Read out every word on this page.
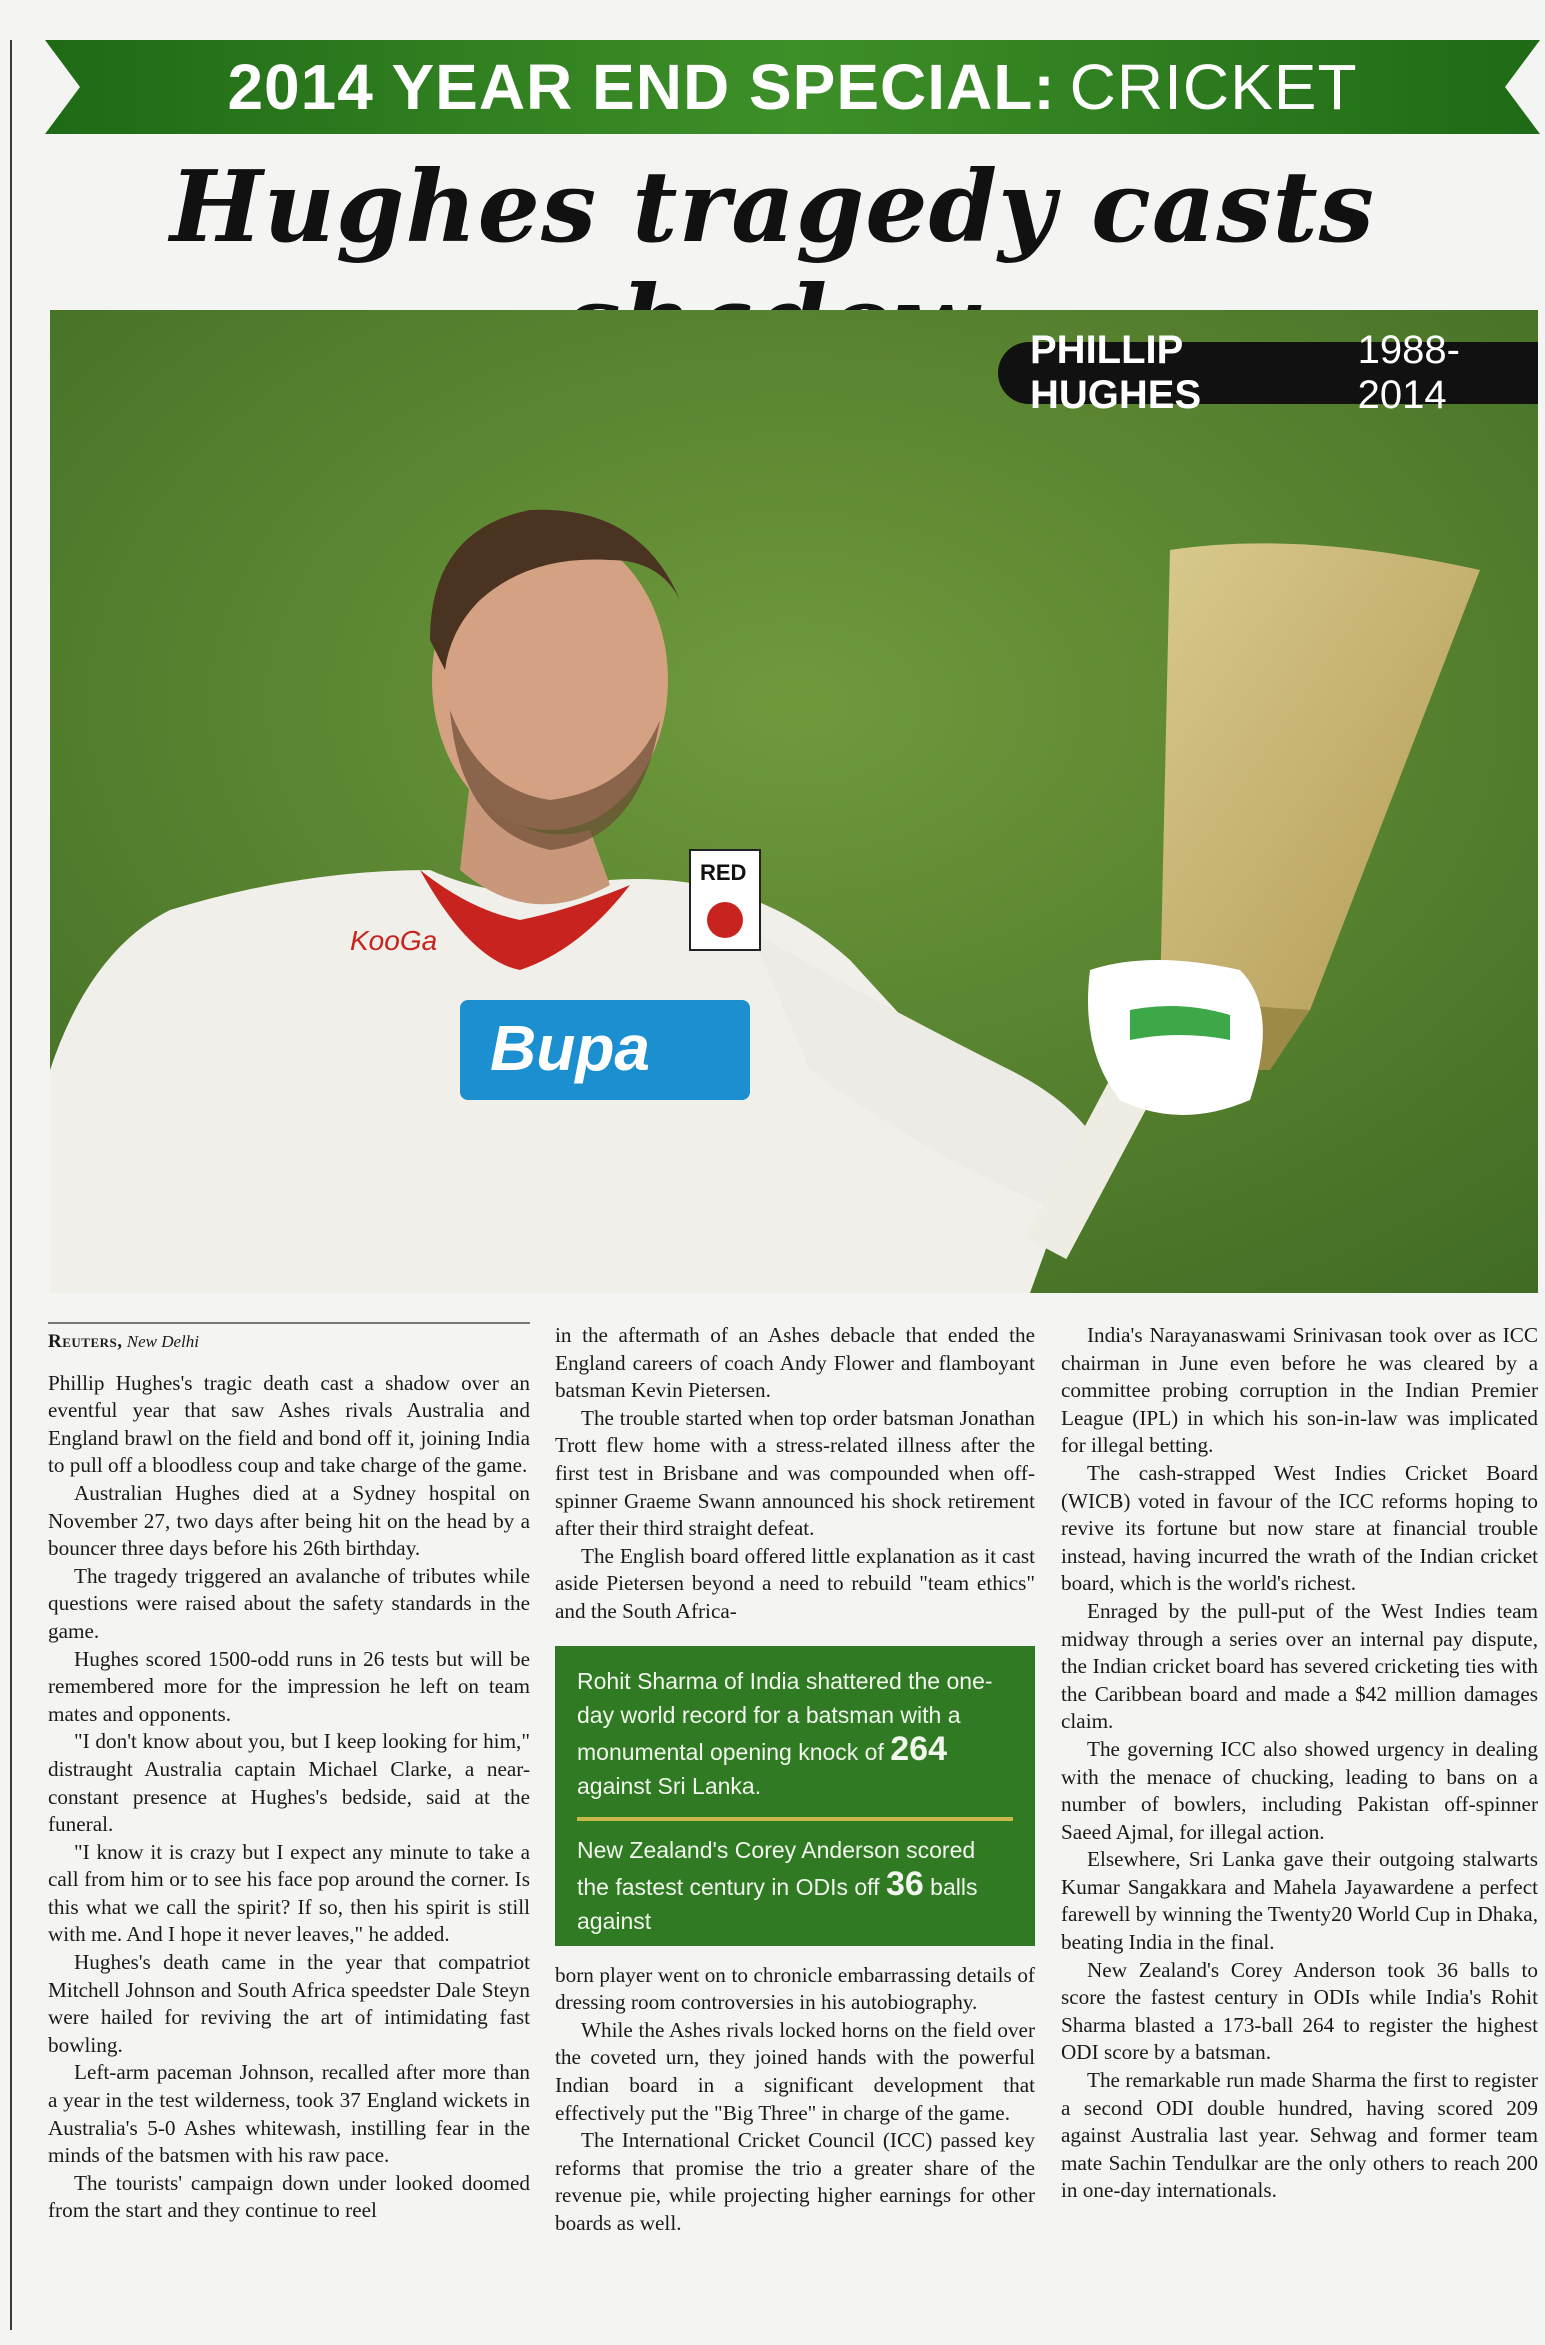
2014 YEAR END SPECIAL: CRICKET
Hughes tragedy casts
Bupa
KooGa
RED
PHILLIP HUGHES
1988-2014
Reuters, New Delhi

Phillip Hughes's tragic death cast a shadow over an eventful year that saw Ashes rivals Australia and England brawl on the field and bond off it, joining India to pull off a bloodless coup and take charge of the game.

Australian Hughes died at a Sydney hospital on November 27, two days after being hit on the head by a bouncer three days before his 26th birthday.

The tragedy triggered an avalanche of tributes while questions were raised about the safety standards in the game.

Hughes scored 1500-odd runs in 26 tests but will be remembered more for the impression he left on team mates and opponents.

"I don't know about you, but I keep looking for him," distraught Australia captain Michael Clarke, a near-constant presence at Hughes's bedside, said at the funeral.

"I know it is crazy but I expect any minute to take a call from him or to see his face pop around the corner. Is this what we call the spirit? If so, then his spirit is still with me. And I hope it never leaves," he added.

Hughes's death came in the year that compatriot Mitchell Johnson and South Africa speedster Dale Steyn were hailed for reviving the art of intimidating fast bowling.

Left-arm paceman Johnson, recalled after more than a year in the test wilderness, took 37 England wickets in Australia's 5-0 Ashes whitewash, instilling fear in the minds of the batsmen with his raw pace.

The tourists' campaign down under looked doomed from the start and they continue to reel

in the aftermath of an Ashes debacle that ended the England careers of coach Andy Flower and flamboyant batsman Kevin Pietersen.

The trouble started when top order batsman Jonathan Trott flew home with a stress-related illness after the first test in Brisbane and was compounded when off-spinner Graeme Swann announced his shock retirement after their third straight defeat.

The English board offered little explanation as it cast aside Pietersen beyond a need to rebuild "team ethics" and the South Africa-

Rohit Sharma of India shattered the one-day world record for a batsman with a monumental opening knock of 264 against Sri Lanka.
New Zealand's Corey Anderson scored the fastest century in ODIs off 36 balls against

born player went on to chronicle embarrassing details of dressing room controversies in his autobiography.

While the Ashes rivals locked horns on the field over the coveted urn, they joined hands with the powerful Indian board in a significant development that effectively put the "Big Three" in charge of the game.

The International Cricket Council (ICC) passed key reforms that promise the trio a greater share of the revenue pie, while projecting higher earnings for other boards as well.

India's Narayanaswami Srinivasan took over as ICC chairman in June even before he was cleared by a committee probing corruption in the Indian Premier League (IPL) in which his son-in-law was implicated for illegal betting.

The cash-strapped West Indies Cricket Board (WICB) voted in favour of the ICC reforms hoping to revive its fortune but now stare at financial trouble instead, having incurred the wrath of the Indian cricket board, which is the world's richest.

Enraged by the pull-put of the West Indies team midway through a series over an internal pay dispute, the Indian cricket board has severed cricketing ties with the Caribbean board and made a $42 million damages claim.

The governing ICC also showed urgency in dealing with the menace of chucking, leading to bans on a number of bowlers, including Pakistan off-spinner Saeed Ajmal, for illegal action.

Elsewhere, Sri Lanka gave their outgoing stalwarts Kumar Sangakkara and Mahela Jayawardene a perfect farewell by winning the Twenty20 World Cup in Dhaka, beating India in the final.

New Zealand's Corey Anderson took 36 balls to score the fastest century in ODIs while India's Rohit Sharma blasted a 173-ball 264 to register the highest ODI score by a batsman.

The remarkable run made Sharma the first to register a second ODI double hundred, having scored 209 against Australia last year. Sehwag and former team mate Sachin Tendulkar are the only others to reach 200 in one-day internationals.
